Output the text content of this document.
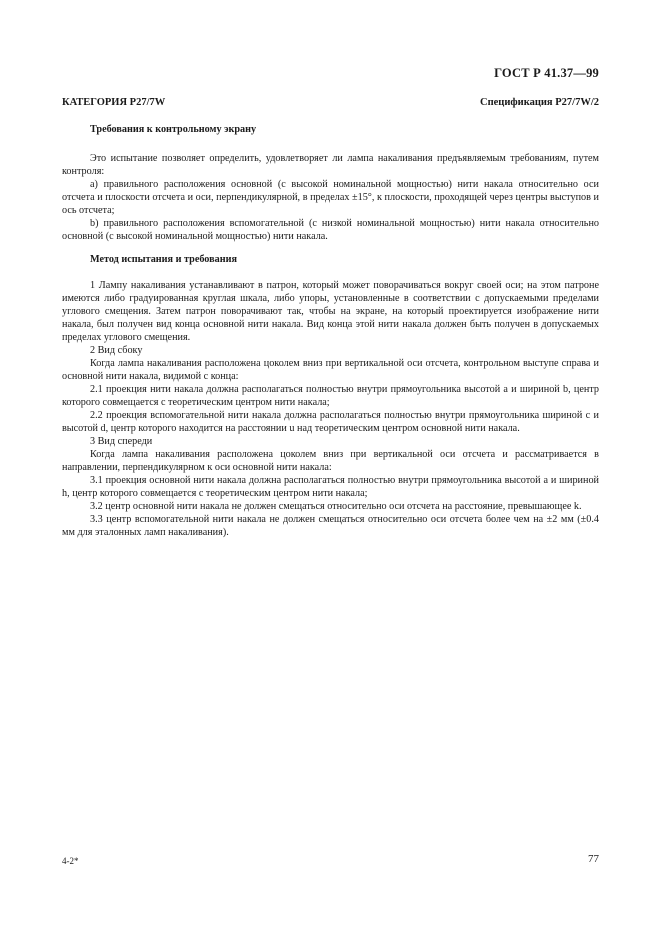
ГОСТ Р 41.37—99
КАТЕГОРИЯ P27/7W	Спецификация P27/7W/2
Требования к контрольному экрану

Это испытание позволяет определить, удовлетворяет ли лампа накаливания предъявляемым требованиям, путем контроля:

а) правильного расположения основной (с высокой номинальной мощностью) нити накала относительно оси отсчета и плоскости отсчета и оси, перпендикулярной, в пределах ±15°, к плоскости, проходящей через центры выступов и ось отсчета;

b) правильного расположения вспомогательной (с низкой номинальной мощностью) нити накала относительно основной (с высокой номинальной мощностью) нити накала.

Метод испытания и требования

1 Лампу накаливания устанавливают в патрон, который может поворачиваться вокруг своей оси; на этом патроне имеются либо градуированная круглая шкала, либо упоры, установленные в соответствии с допускаемыми пределами углового смещения. Затем патрон поворачивают так, чтобы на экране, на который проектируется изображение нити накала, был получен вид конца основной нити накала. Вид конца этой нити накала должен быть получен в допускаемых пределах углового смещения.

2 Вид сбоку

Когда лампа накаливания расположена цоколем вниз при вертикальной оси отсчета, контрольном выступе справа и основной нити накала, видимой с конца:

2.1 проекция нити накала должна располагаться полностью внутри прямоугольника высотой a и шириной b, центр которого совмещается с теоретическим центром нити накала;

2.2 проекция вспомогательной нити накала должна располагаться полностью внутри прямоугольника шириной c и высотой d, центр которого находится на расстоянии u над теоретическим центром основной нити накала.

3 Вид спереди

Когда лампа накаливания расположена цоколем вниз при вертикальной оси отсчета и рассматривается в направлении, перпендикулярном к оси основной нити накала:

3.1 проекция основной нити накала должна располагаться полностью внутри прямоугольника высотой a и шириной h, центр которого совмещается с теоретическим центром нити накала;

3.2 центр основной нити накала не должен смещаться относительно оси отсчета на расстояние, превышающее k.

3.3 центр вспомогательной нити накала не должен смещаться относительно оси отсчета более чем на ±2 мм (±0.4 мм для эталонных ламп накаливания).

4-2*	77
